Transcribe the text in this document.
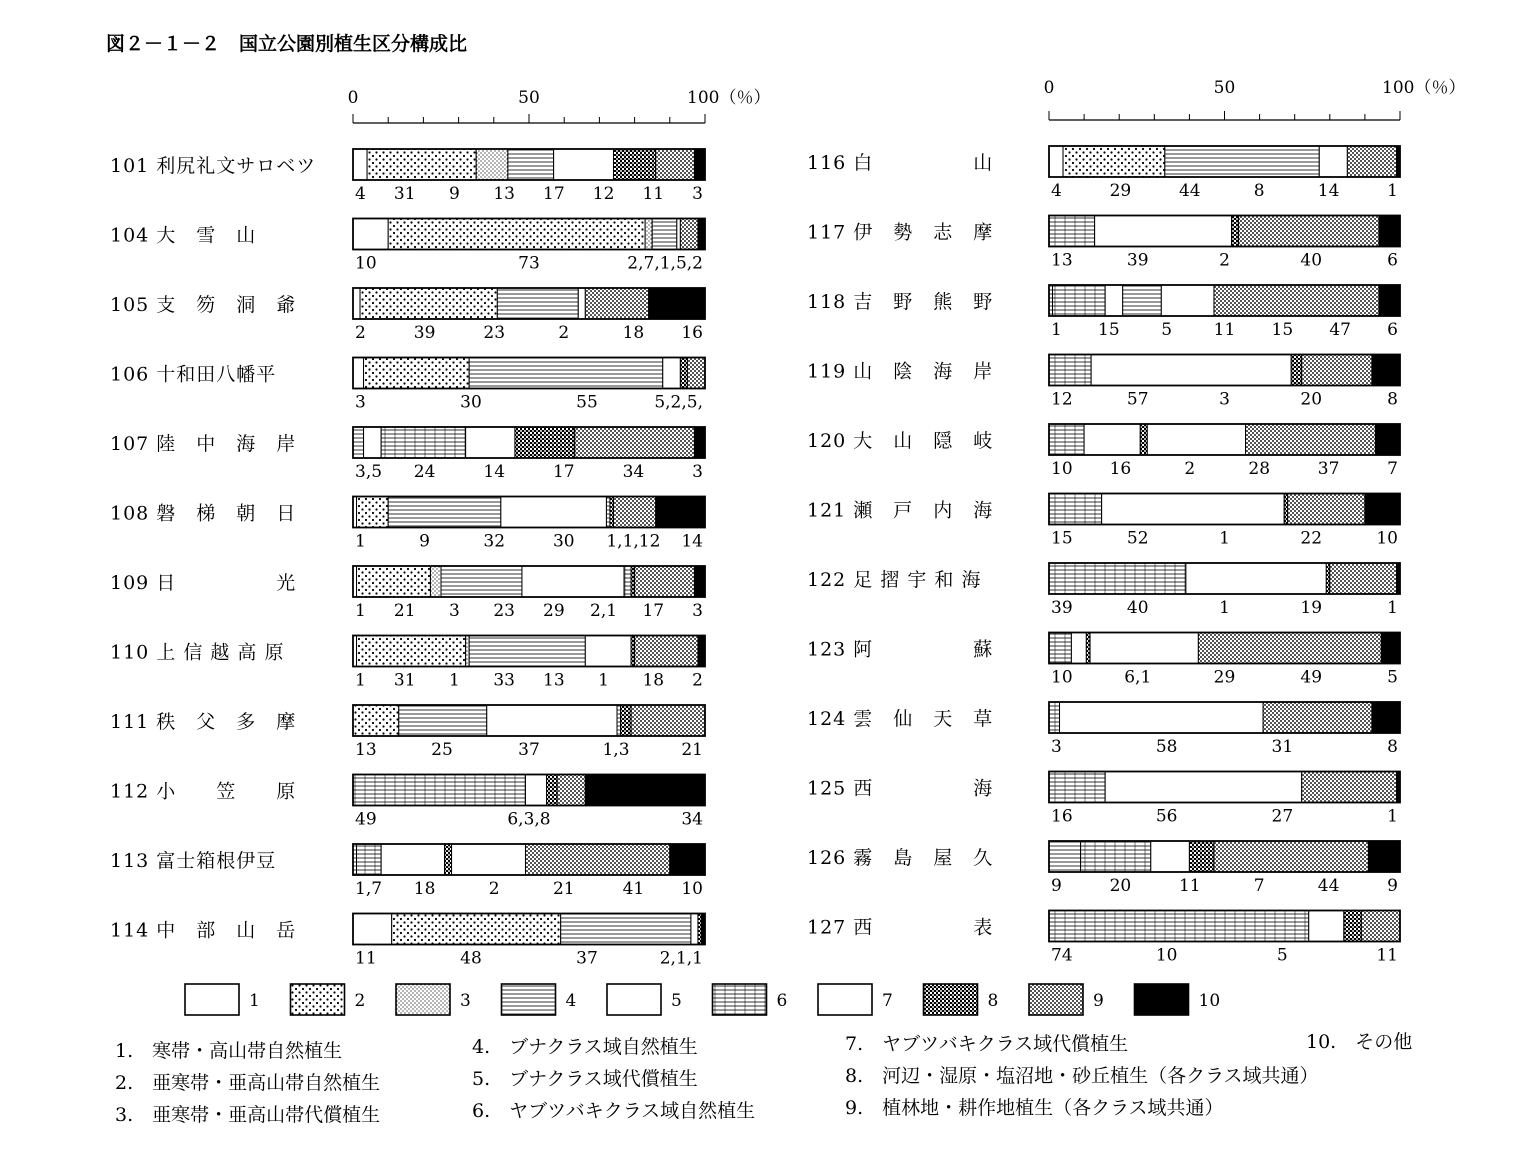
図２－１－２　国立公園別植生区分構成比
0	50	100（％）	0	50	100（％）
101 利尻礼文サロベツ
4 31 9 13 17 12 11 3
104 大　雪　山
10	73	2,7,1,5,2
105 支　笏　洞　爺
2	39	23	2	18 16
106 十和田八幡平
3	30	55	5,2,5,
107 陸　中　海　岸
3,5 24	14	17	34	3
108 磐　梯　朝　日
1	9	32	30 1,1,12 14
109 日　　　　　光
1 21 3 23 29 2,1 17 3
110 上 信 越 高 原
1 31 1 33 13 1 18 2
111 秩　父　多　摩
13	25	37	1,3	21
112 小　　笠　　原
49	6,3,8	34
113 富士箱根伊豆
1,7 18	2	21	41 10
114 中　部　山　岳
11	48	37	2,1,1
116 白　　　　　山
4	29	44	8	14	1
117 伊　勢　志　摩
13	39	2	40	6
118 吉　野　熊　野
1 15 5 11 15 47 6
119 山　陰　海　岸
12	57	3	20	8
120 大　山　隠　岐
10 16	2	28	37	7
121 瀬　戸　内　海
15	52	1	22	10
122 足 摺 宇 和 海
39	40	1	19	1
123 阿　　　　　蘇
10	6,1	29	49	5
124 雲　仙　天　草
3	58	31	8
125 西　　　　　海
16	56	27	1
126 霧　島　屋　久
9	20	11	7	44	9
127 西　　　　　表
74	10	5	11
1	2	3	4	5	6	7	8	9	10
1.　寒帯・高山帯自然植生
2.　亜寒帯・亜高山帯自然植生
3.　亜寒帯・亜高山帯代償植生
4.　ブナクラス域自然植生
5.　ブナクラス域代償植生
6.　ヤブツバキクラス域自然植生
7.　ヤブツバキクラス域代償植生
8.　河辺・湿原・塩沼地・砂丘植生（各クラス域共通）
9.　植林地・耕作地植生（各クラス域共通）
10.　その他
